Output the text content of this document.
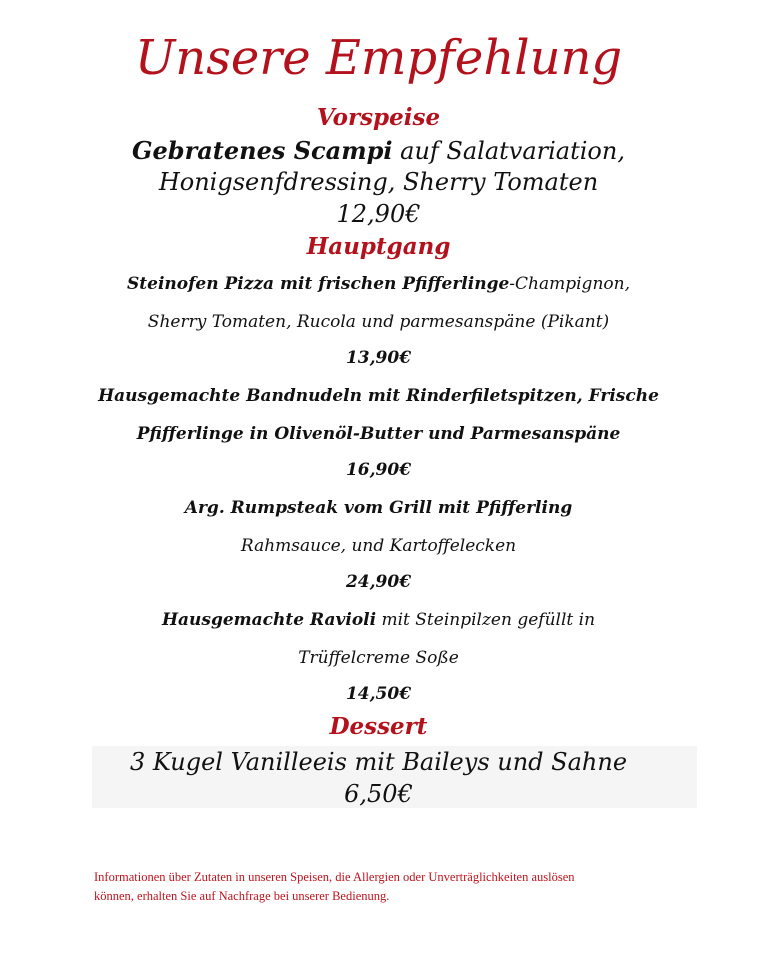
Unsere Empfehlung
Vorspeise
Gebratenes Scampi auf Salatvariation,
Honigsenfdressing, Sherry Tomaten
12,90€
Hauptgang
Steinofen Pizza mit frischen Pfifferlinge-Champignon,
Sherry Tomaten, Rucola und parmesanspäne (Pikant)
13,90€
Hausgemachte Bandnudeln mit Rinderfiletspitzen, Frische
Pfifferlinge in Olivenöl-Butter und Parmesanspäne
16,90€
Arg. Rumpsteak vom Grill mit Pfifferling
Rahmsauce, und Kartoffelecken
24,90€
Hausgemachte Ravioli mit Steinpilzen gefüllt in
Trüffelcreme Soße
14,50€
Dessert
3 Kugel Vanilleeis mit Baileys und Sahne
6,50€
Informationen über Zutaten in unseren Speisen, die Allergien oder Unverträglichkeiten auslösen
können, erhalten Sie auf Nachfrage bei unserer Bedienung.
